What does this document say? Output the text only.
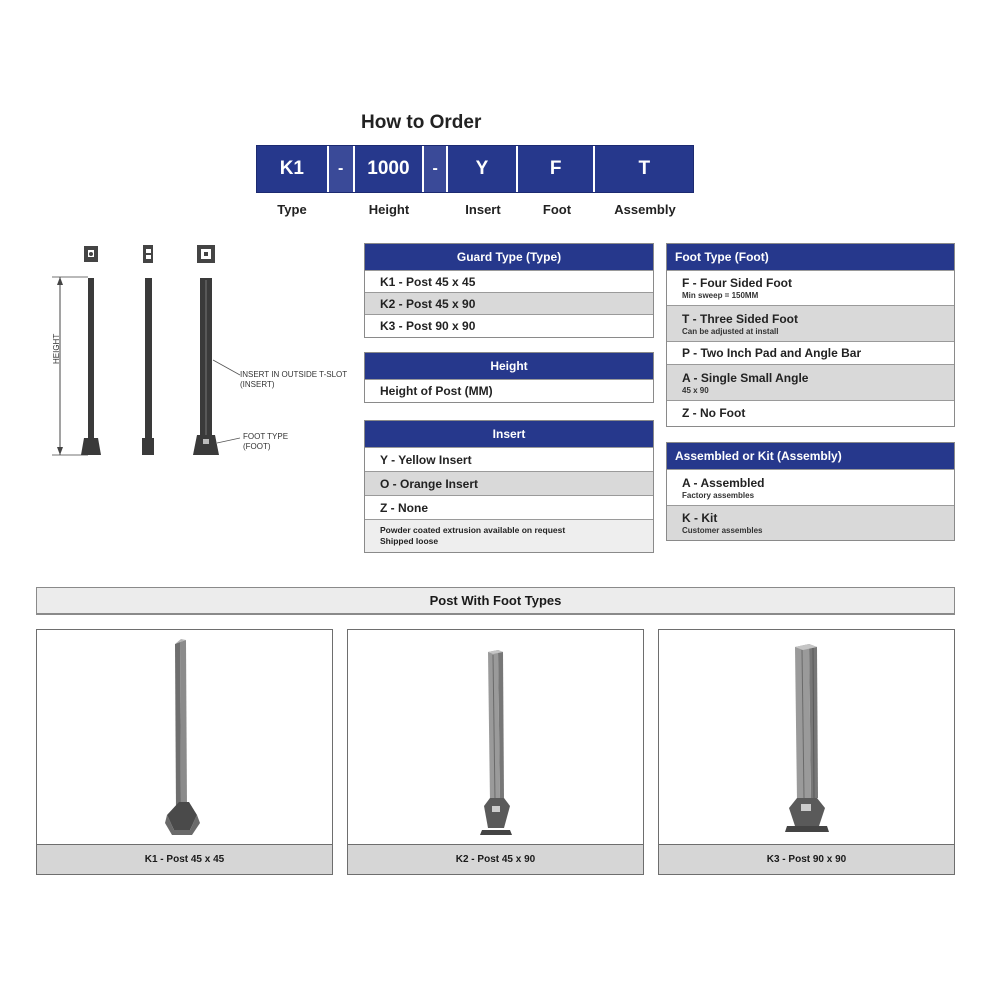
How to Order
K1	-	1000	-	Y	F	T
Type	Height	Insert	Foot	Assembly
HEIGHT
INSERT IN OUTSIDE T-SLOT
(INSERT)
FOOT TYPE
(FOOT)
Guard Type (Type)
K1 - Post 45 x 45
K2 - Post 45 x 90
K3 - Post 90 x 90
Height
Height of Post (MM)
Insert
Y - Yellow Insert
O - Orange Insert
Z - None
Powder coated extrusion available on request
Shipped loose
Foot Type (Foot)
F - Four Sided Foot
Min sweep = 150MM
T - Three Sided Foot
Can be adjusted at install
P - Two Inch Pad and Angle Bar
A - Single Small Angle
45 x 90
Z - No Foot
Assembled or Kit (Assembly)
A - Assembled
Factory assembles
K - Kit
Customer assembles
Post With Foot Types
K1 - Post 45 x 45	K2 - Post 45 x 90	K3 - Post 90 x 90
